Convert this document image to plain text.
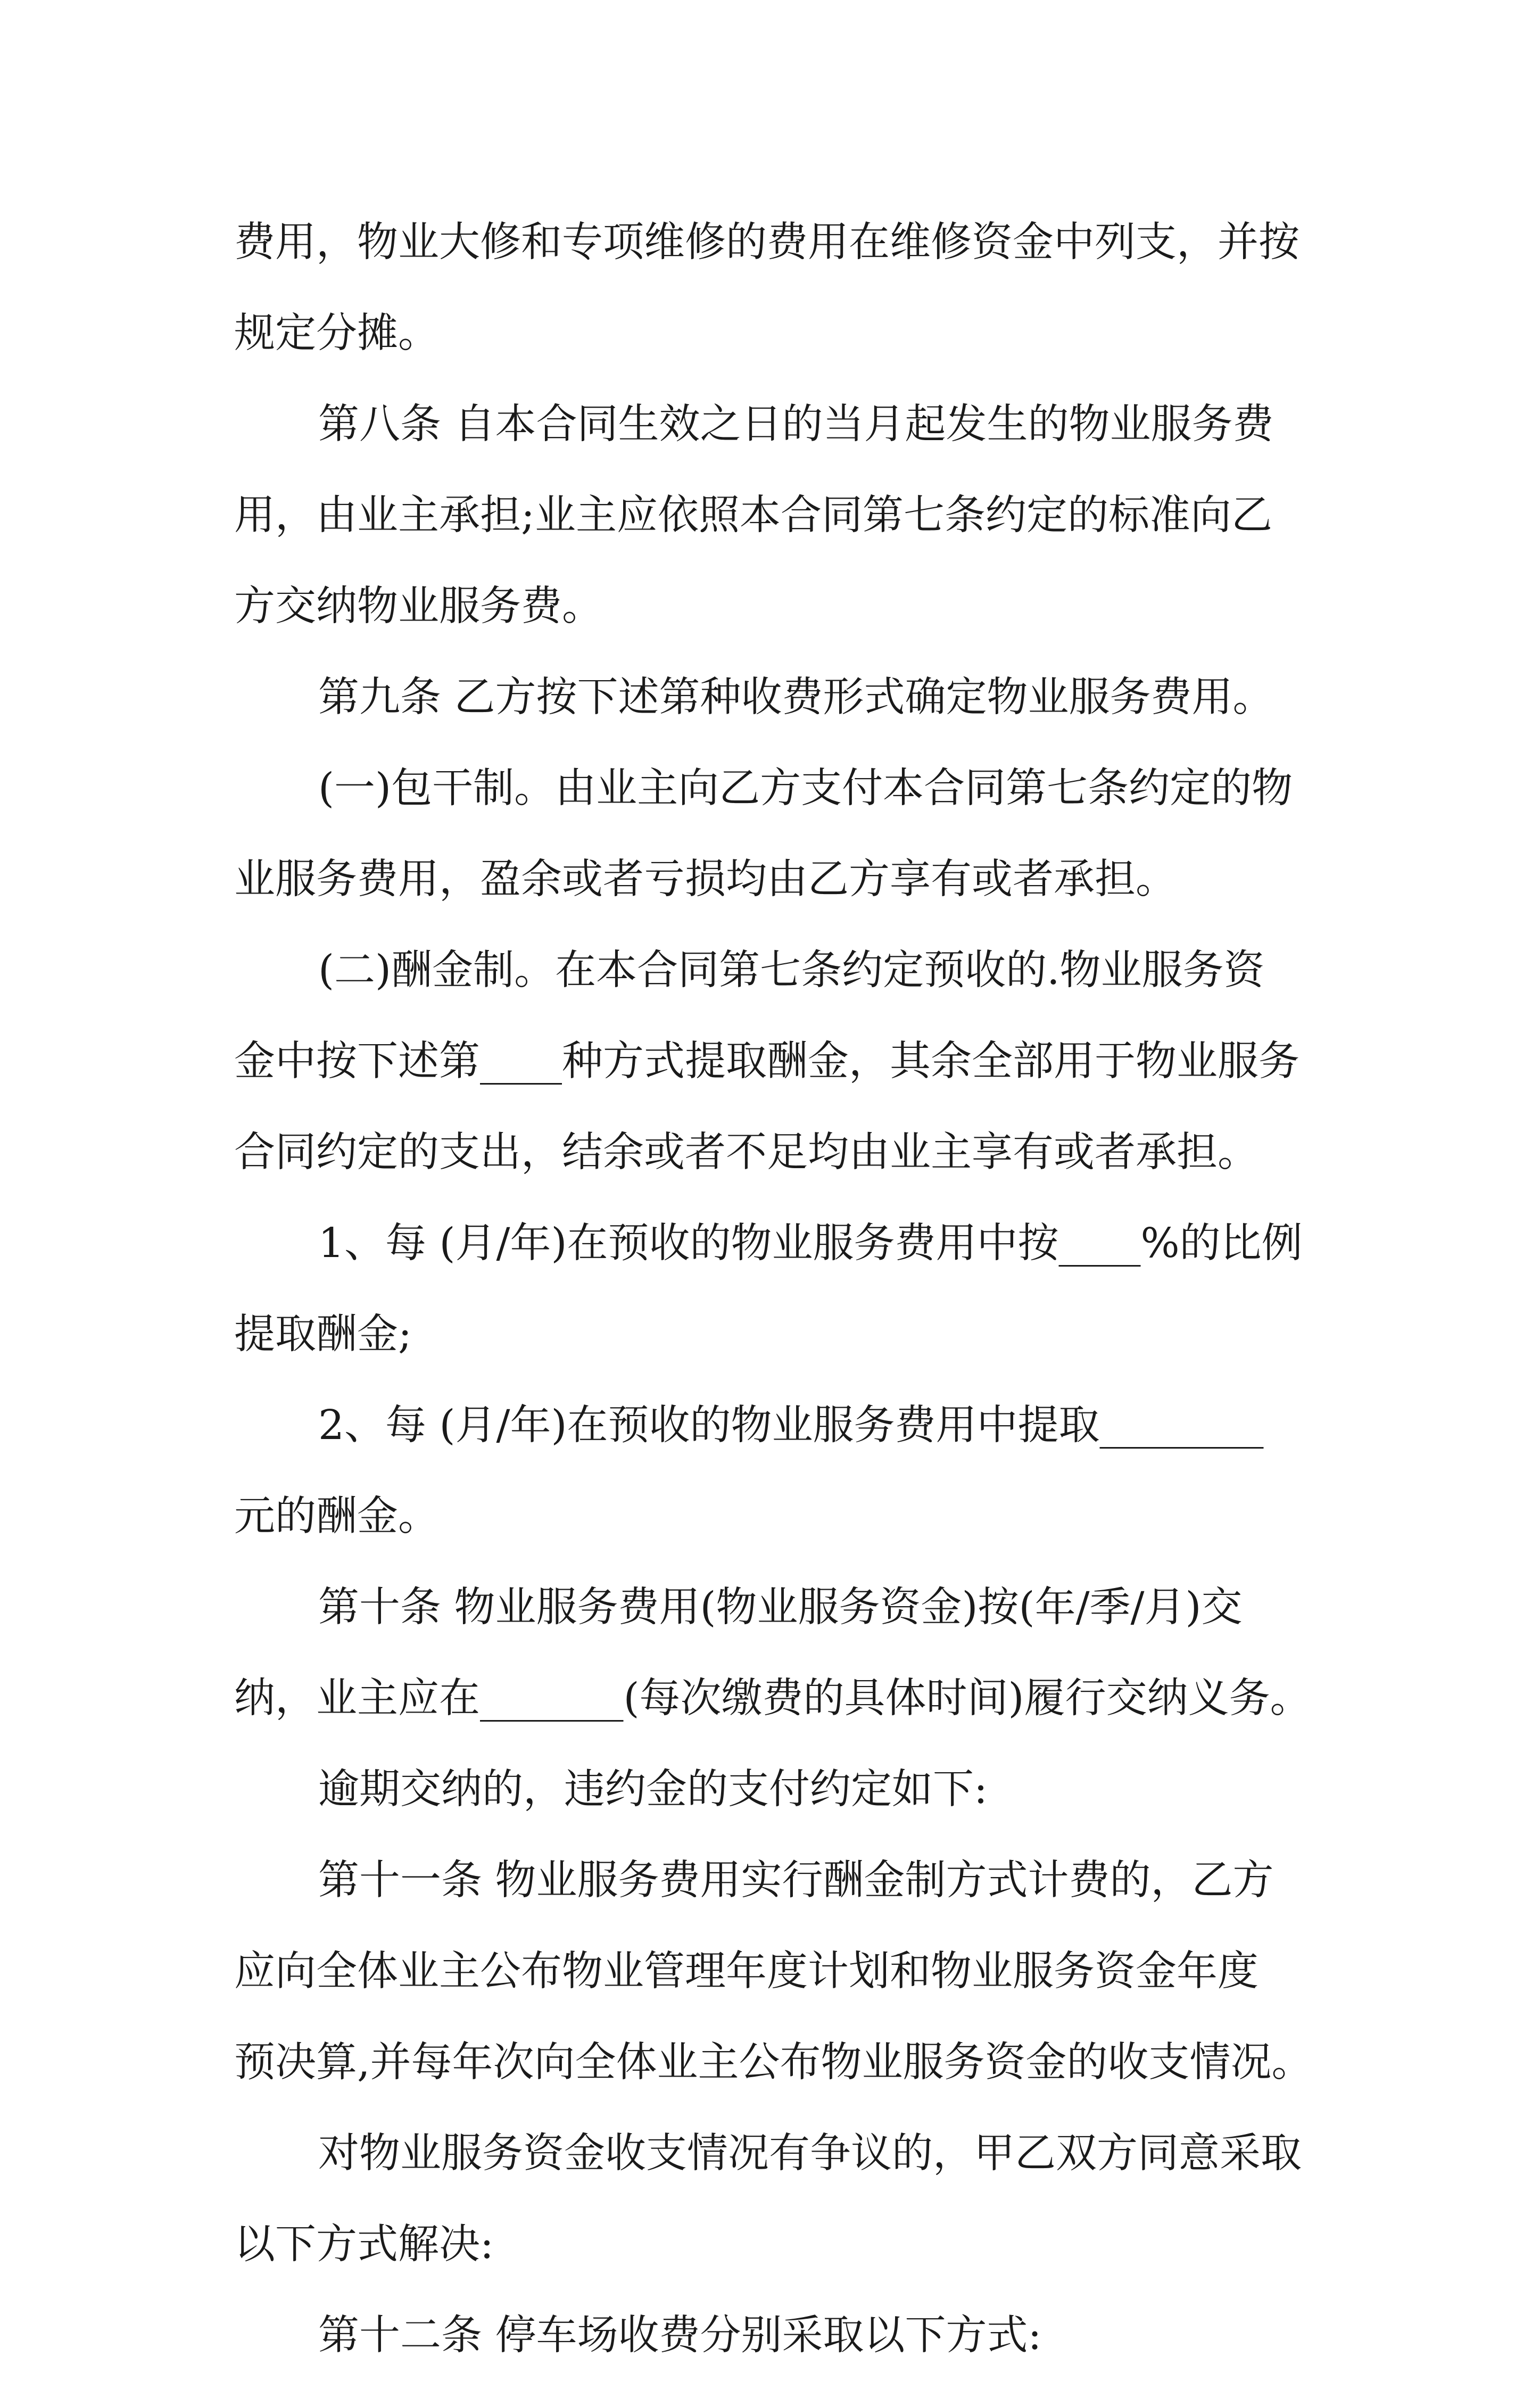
费用，物业大修和专项维修的费用在维修资金中列支，并按
规定分摊。
第八条 自本合同生效之日的当月起发生的物业服务费
用，由业主承担;业主应依照本合同第七条约定的标准向乙
方交纳物业服务费。
第九条 乙方按下述第种收费形式确定物业服务费用。
(一)包干制。由业主向乙方支付本合同第七条约定的物
业服务费用，盈余或者亏损均由乙方享有或者承担。
(二)酬金制。在本合同第七条约定预收的.物业服务资
金中按下述第____种方式提取酬金，其余全部用于物业服务
合同约定的支出，结余或者不足均由业主享有或者承担。
1、每 (月/年)在预收的物业服务费用中按____%的比例
提取酬金;
2、每 (月/年)在预收的物业服务费用中提取________
元的酬金。
第十条 物业服务费用(物业服务资金)按(年/季/月)交
纳，业主应在_______(每次缴费的具体时间)履行交纳义务。
逾期交纳的，违约金的支付约定如下:
第十一条 物业服务费用实行酬金制方式计费的，乙方
应向全体业主公布物业管理年度计划和物业服务资金年度
预决算,并每年次向全体业主公布物业服务资金的收支情况。
对物业服务资金收支情况有争议的，甲乙双方同意采取
以下方式解决:
第十二条 停车场收费分别采取以下方式:
